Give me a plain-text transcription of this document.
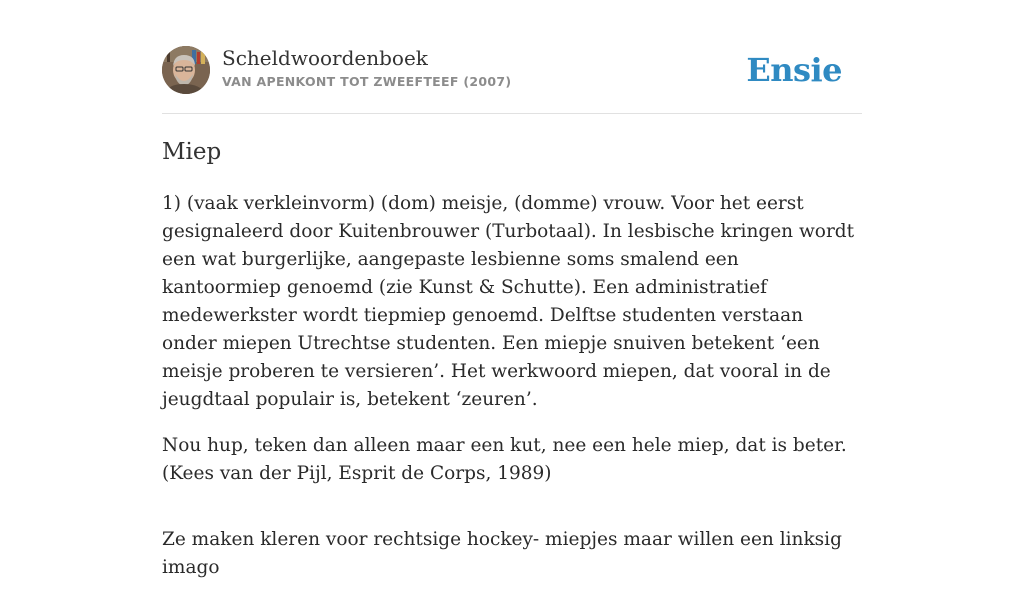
Scheldwoordenboek
VAN APENKONT TOT ZWEEFTEEF (2007)	Ensie
Miep

1) (vaak verkleinvorm) (dom) meisje, (domme) vrouw. Voor het eerst gesignaleerd door Kuitenbrouwer (Turbotaal). In lesbische kringen wordt een wat burgerlijke, aangepaste lesbienne soms smalend een kantoormiep genoemd (zie Kunst & Schutte). Een administratief medewerkster wordt tiepmiep genoemd. Delftse studenten verstaan onder miepen Utrechtse studenten. Een miepje snuiven betekent ‘een meisje proberen te versieren’. Het werkwoord miepen, dat vooral in de jeugdtaal populair is, betekent ‘zeuren’.

Nou hup, teken dan alleen maar een kut, nee een hele miep, dat is beter. (Kees van der Pijl, Esprit de Corps, 1989)

Ze maken kleren voor rechtsige hockey- miepjes maar willen een linksig imago
